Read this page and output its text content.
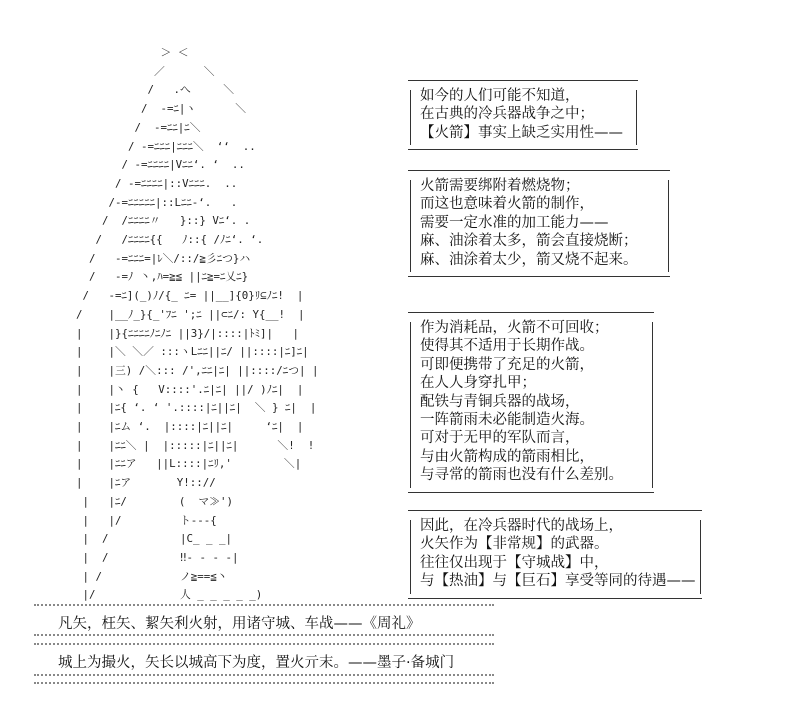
＞ ＜
／      ＼
/   .へ     ＼
/  -=ﾆ|ヽ      ＼
/  -=ﾆﾆ|ﾆ＼
/ -=ﾆﾆﾆ|ﾆﾆﾆ＼  ‘‘  ..
/ -=ﾆﾆﾆﾆ|Vﾆﾆ‘. ‘  ..
/ -=ﾆﾆﾆﾆ|::Vﾆﾆﾆ.  ..
/-=ﾆﾆﾆﾆﾆ|::Lﾆﾆ‐‘.   .
/  /ﾆﾆﾆﾆ〃   }::} Vﾆ‘. .
/   /ﾆﾆﾆﾆ{{   ﾉ::{ /ﾉﾆ‘. ‘.
/   -=ﾆﾆﾆ=|ﾚ＼/::/≧彡ﾆつ}ハ
/   -=ﾉ 丶,ﾊ=≧≦ ||ﾆ≧=ﾆ乂ﾆ}
/   -=ﾆ](_)ﾉ/{_ ﾆ= ||__]{0}ﾘ⊆ﾉﾆ!  |
/    |__ﾉ_}{_'ﾌﾆ ';ﾆ ||⊂ﾆ/: Y{__!  |
|    |}{ﾆﾆﾆﾆﾉﾆﾉﾆ ||3}/|::::|ﾄﾐ]|   |
|    |＼ ＼／ :::ヽLﾆﾆ||ﾆ/ ||::::|ﾆ]ﾆ|
|    |三) /＼::: /',ﾆﾆ|ﾆ| ||::::/ﾆつ| |
|    |丶 {   V::::'.ﾆ|ﾆ| ||/ )ﾉﾆ|  |
|    |ﾆ{ ‘. ‘ '.::::|ﾆ||ﾆ|  ＼ } ﾆ|  |
|    |ﾆム ‘.  |::::|ﾆ||ﾆ|     ‘ﾆ|  |
|    |ﾆﾆ＼ |  |:::::|ﾆ||ﾆ|      ＼!  !
|    |ﾆﾆア   ||L::::|ﾆﾘ,'        ＼|
|    |ﾆア       Y!:://
|   |ﾆ/        (  マ≫')
|   |/         ト---{
|  /           |C_ _ _|
|  /           ‼- - - -|
| /            ノ≧==≦丶
|/             人 _ _ _ _ _)
如今的人们可能不知道，
在古典的冷兵器战争之中；
【火箭】事实上缺乏实用性——
火箭需要绑附着燃烧物；
而这也意味着火箭的制作，
需要一定水准的加工能力——
麻、油涂着太多，箭会直接烧断；
麻、油涂着太少，箭又烧不起来。
作为消耗品，火箭不可回收；
使得其不适用于长期作战。
可即便携带了充足的火箭，
在人人身穿扎甲；
配铁与青铜兵器的战场，
一阵箭雨未必能制造火海。
可对于无甲的军队而言，
与由火箭构成的箭雨相比，
与寻常的箭雨也没有什么差别。
因此，在冷兵器时代的战场上，
火矢作为【非常规】的武器。
往往仅出现于【守城战】中，
与【热油】与【巨石】享受等同的待遇——
凡矢，枉矢、絜矢利火射，用诸守城、车战——《周礼》
城上为撮火，矢长以城高下为度，置火亓末。——墨子·备城门
